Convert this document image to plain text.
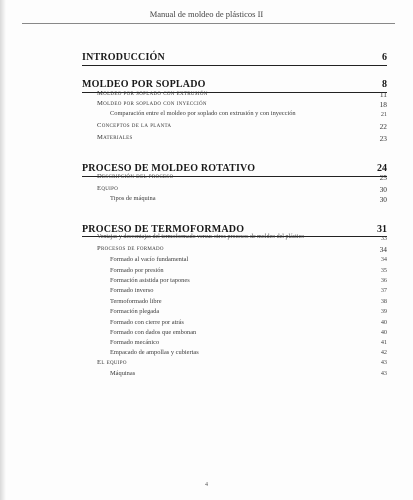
Manual de moldeo de plásticos II
INTRODUCCIÓN	6
MOLDEO POR SOPLADO	8
Moldeo por soplado con extrusión	11
Moldeo por soplado con inyección	18
Comparación entre el moldeo por soplado con extrusión y con inyección	21
Conceptos de la planta	22
Materiales	23
PROCESO DE MOLDEO ROTATIVO	24
Descripción del proceso	25
Equipo	30
Tipos de máquina	30
PROCESO DE TERMOFORMADO	31
Ventajas y desventajas del termoformado versus otros procesos de moldeo del plástico	33
Procesos de formado	34
Formado al vacío fundamental	34
Formado por presión	35
Formación asistida por tapones	36
Formado inverso	37
Termoformado libre	38
Formación plegada	39
Formado con cierre por atrás	40
Formado con dados que embonan	40
Formado mecánico	41
Empacado de ampollas y cubiertas	42
El equipo	43
Máquinas	43
4
